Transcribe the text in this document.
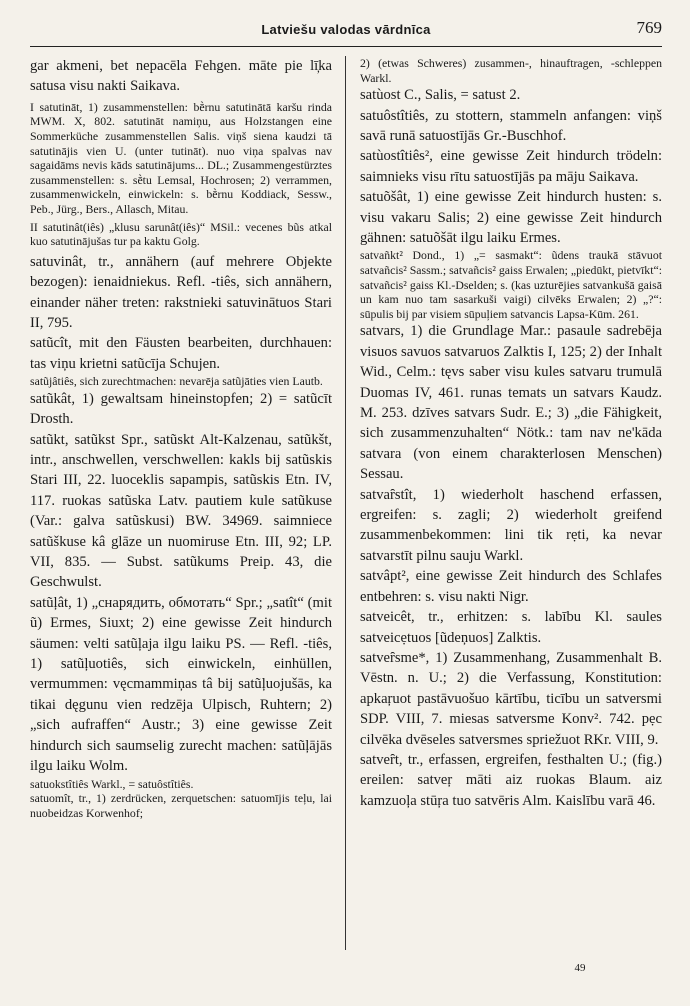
Latviešu valodas vārdnīca	769

gar akmeni, bet nepacēla Fehgen. māte pie lī̦ka satusa visu nakti Saikava.

I satutināt, 1) zusammenstellen: bḕrnu satutinātā karšu rinda MWM. X, 802. satutināt namiņu, aus Holzstangen eine Sommerküche zusammenstellen Salis. viņš siena kaudzi tā satutinājis vien U. (unter tutināt). nuo viņa spalvas nav sagaidāms nevis kāds satutinājums... DL.; Zusammengestürztes zusammenstellen: s. sḕtu Lemsal, Hochrosen; 2) verrammen, zusammenwickeln, einwickeln: s. bḕrnu Koddiack, Sessw., Peb., Jürg., Bers., Allasch, Mitau.

II satutinât(iês) „klusu sarunât(iês)“ MSil.: vecenes bũs atkal kuo satutinājušas tur pa kaktu Golg.

satuvinât, tr., annähern (auf mehrere Objekte bezogen): ienaidniekus. Refl. -tiês, sich annähern, einander näher treten: rakstnieki satuvinātuos Stari II, 795.

satũcît, mit den Fäusten bearbeiten, durchhauen: tas viņu krietni satũcīja Schujen.

satũjâtiês, sich zurechtmachen: nevarēja satũjāties vien Lautb.

satũkât, 1) gewaltsam hineinstopfen; 2) = satũcīt Drosth.

satũkt, satũkst Spr., satũskt Alt-Kalzenau, satũkšt, intr., anschwellen, verschwellen: kakls bij satũskis Stari III, 22. luoceklis sapampis, satũskis Etn. IV, 117. ruokas satũska Latv. pautiem kule satũkuse (Var.: galva satũskusi) BW. 34969. saimniece satũškuse kâ glāze un nuomiruse Etn. III, 92; LP. VII, 835. — Subst. satũkums Preip. 43, die Geschwulst.

satũļât, 1) „снарядить, обмотать“ Spr.; „satît“ (mit ũ) Ermes, Siuxt; 2) eine gewisse Zeit hindurch säumen: velti satũļaja ilgu laiku PS. — Refl. -tiês, 1) satũļuotiês, sich einwickeln, einhüllen, vermummen: vęcmammiņas tâ bij satũļuojušās, ka tikai dęgunu vien redzēja Ulpisch, Ruhtern; 2) „sich aufraffen“ Austr.; 3) eine gewisse Zeit hindurch sich saumselig zurecht machen: satũļājās ilgu laiku Wolm.

satuokstîtiês Warkl., = satuôstîtiês.

satuomît, tr., 1) zerdrücken, zerquetschen: satuomījis teļu, lai nuobeidzas Korwenhof;

2) (etwas Schweres) zusammen-, hinauftragen, -schleppen Warkl.

satùost C., Salis, = satust 2.

satuôstîtiês, zu stottern, stammeln anfangen: viņš savā runā satuostījās Gr.-Buschhof.

satùostîtiês², eine gewisse Zeit hindurch trödeln: saimnieks visu rītu satuostījās pa māju Saikava.

satuõšât, 1) eine gewisse Zeit hindurch husten: s. visu vakaru Salis; 2) eine gewisse Zeit hindurch gähnen: satuõšāt ilgu laiku Ermes.

satvañkt² Dond., 1) „= sasmakt“: ũdens traukā stāvuot satvañcis² Sassm.; satvañcis² gaiss Erwalen; „piedūkt, pietvīkt“: satvañcis² gaiss Kl.-Dselden; s. (kas uzturējies satvankušā gaisā un kam nuo tam sasarkuši vaigi) cilvēks Erwalen; 2) „?“: sūpulis bij par visiem sūpuļiem satvancis Lapsa-Kūm. 261.

satvars, 1) die Grundlage Mar.: pasaule sadrebēja visuos savuos satvaruos Zalktis I, 125; 2) der Inhalt Wid., Celm.: tęvs saber visu kules satvaru trumulā Duomas IV, 461. runas temats un satvars Kaudz. M. 253. dzīves satvars Sudr. E.; 3) „die Fähigkeit, sich zusammenzuhalten“ Nötk.: tam nav ne'kāda satvara (von einem charakterlosen Menschen) Sessau.

satvaȓstît, 1) wiederholt haschend erfassen, ergreifen: s. zagli; 2) wiederholt greifend zusammenbekommen: lini tik rẹti, ka nevar satvarstīt pilnu sauju Warkl.

satvâpt², eine gewisse Zeit hindurch des Schlafes entbehren: s. visu nakti Nigr.

satveicêt, tr., erhitzen: s. labību Kl. saules satveicẹtuos [ũdeņuos] Zalktis.

satveȓsme*, 1) Zusammenhang, Zusammenhalt B. Vēstn. n. U.; 2) die Verfassung, Konstitution: apkaŗuot pastāvuošuo kārtību, ticību un satversmi SDP. VIII, 7. miesas satversme Konv². 742. pẹc cilvēka dvēseles satversmes spriežuot RKr. VIII, 9.

satveȓt, tr., erfassen, ergreifen, festhalten U.; (fig.) ereilen: satveŗ māti aiz ruokas Blaum. aiz kamzuoļa stūŗa tuo satvēris Alm. Kaislību varā 46.

49
